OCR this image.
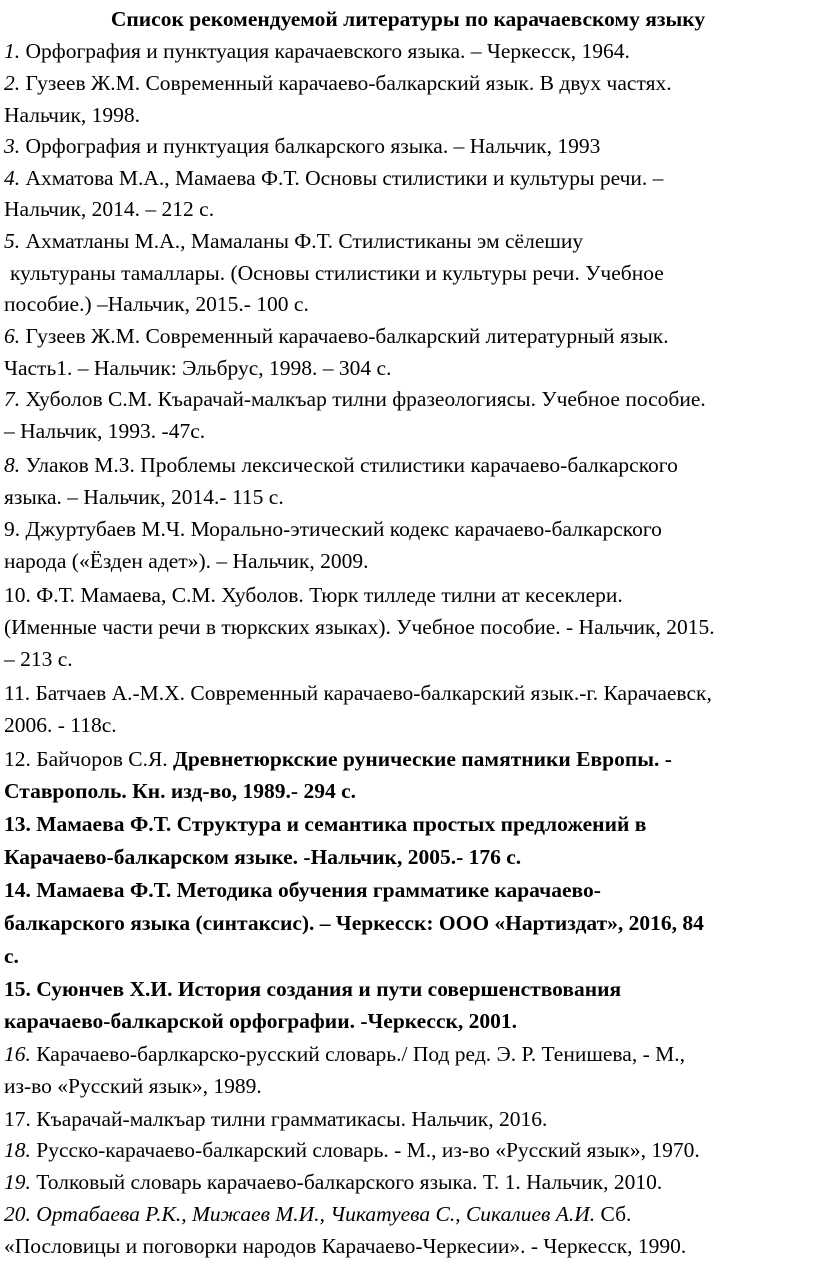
Список рекомендуемой литературы по карачаевскому языку
1. Орфография и пунктуация карачаевского языка. – Черкесск, 1964.
2. Гузеев Ж.М. Современный карачаево-балкарский язык. В двух частях.
Нальчик, 1998.
3. Орфография и пунктуация балкарского языка. – Нальчик, 1993
4. Ахматова М.А., Мамаева Ф.Т. Основы стилистики и культуры речи. –
Нальчик, 2014. – 212 с.
5. Ахматланы М.А., Мамаланы Ф.Т. Стилистиканы эм сёлешиу
культураны тамаллары. (Основы стилистики и культуры речи. Учебное
пособие.) –Нальчик, 2015.- 100 с.
6. Гузеев Ж.М. Современный карачаево-балкарский литературный язык.
Часть1. – Нальчик: Эльбрус, 1998. – 304 с.
7. Хуболов С.М. Къарачай-малкъар тилни фразеологиясы. Учебное пособие.
– Нальчик, 1993. -47с.
8. Улаков М.З. Проблемы лексической стилистики карачаево-балкарского
языка. – Нальчик, 2014.- 115 с.
9. Джуртубаев М.Ч. Морально-этический кодекс карачаево-балкарского
народа («Ёзден адет»). – Нальчик, 2009.
10. Ф.Т. Мамаева, С.М. Хуболов. Тюрк тилледе тилни ат кесеклери.
(Именные части речи в тюркских языках). Учебное пособие. - Нальчик, 2015.
– 213 с.
11. Батчаев А.-М.Х. Современный карачаево-балкарский язык.-г. Карачаевск,
2006. - 118с.
12. Байчоров С.Я. Древнетюркские рунические памятники Европы. -
Ставрополь. Кн. изд-во, 1989.- 294 с.
13. Мамаева Ф.Т. Структура и семантика простых предложений в
Карачаево-балкарском языке. -Нальчик, 2005.- 176 с.
14. Мамаева Ф.Т. Методика обучения грамматике карачаево-
балкарского языка (синтаксис). – Черкесск: ООО «Нартиздат», 2016, 84
с.
15. Суюнчев Х.И. История создания и пути совершенствования
карачаево-балкарской орфографии. -Черкесск, 2001.
16. Карачаево-барлкарско-русский словарь./ Под ред. Э. Р. Тенишева, - М.,
из-во «Русский язык», 1989.
17. Къарачай-малкъар тилни грамматикасы. Нальчик, 2016.
18. Русско-карачаево-балкарский словарь. - М., из-во «Русский язык», 1970.
19. Толковый словарь карачаево-балкарского языка. Т. 1. Нальчик, 2010.
20. Ортабаева Р.К., Мижаев М.И., Чикатуева С., Сикалиев А.И. Сб.
«Пословицы и поговорки народов Карачаево-Черкесии». - Черкесск, 1990.
